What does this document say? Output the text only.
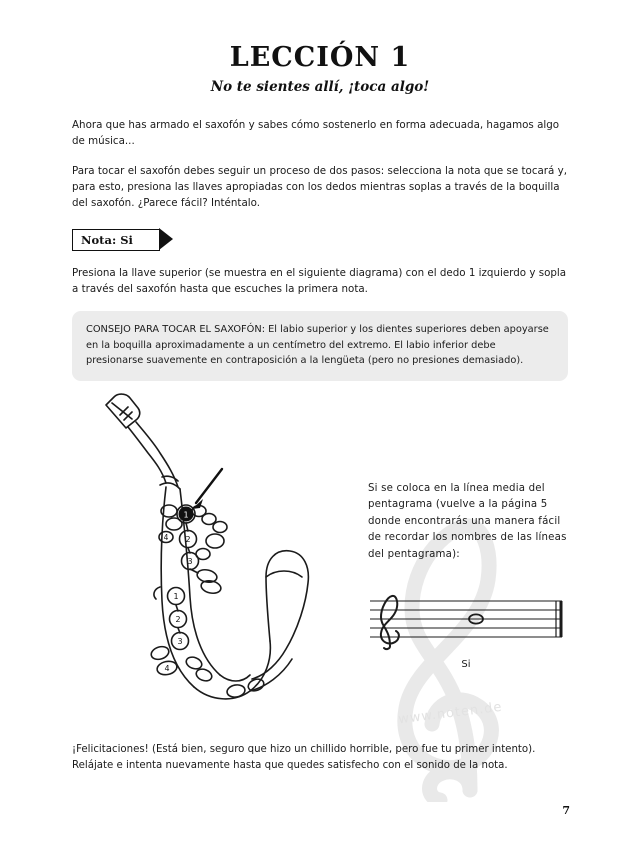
www.noten.de
LECCIÓN 1
No te sientes allí, ¡toca algo!

Ahora que has armado el saxofón y sabes cómo sostenerlo en forma adecuada, hagamos algo de música...

Para tocar el saxofón debes seguir un proceso de dos pasos: selecciona la nota que se tocará y, para esto, presiona las llaves apropiadas con los dedos mientras soplas a través de la boquilla del saxofón. ¿Parece fácil? Inténtalo.

Nota: Si

Presiona la llave superior (se muestra en el siguiente diagrama) con el dedo 1 izquierdo y sopla a través del saxofón hasta que escuches la primera nota.

CONSEJO PARA TOCAR EL SAXOFÓN: El labio superior y los dientes superiores deben apoyarse en la boquilla aproximadamente a un centímetro del extremo. El labio inferior debe presionarse suavemente en contraposición a la lengüeta (pero no presiones demasiado).
1
2
3
4
1
2
3
4

Si se coloca en la línea media del pentagrama (vuelve a la página 5 donde encontrarás una manera fácil de recordar los nombres de las líneas del pentagrama):

Si
¡Felicitaciones! (Está bien, seguro que hizo un chillido horrible, pero fue tu primer intento). Relájate e intenta nuevamente hasta que quedes satisfecho con el sonido de la nota.
7
